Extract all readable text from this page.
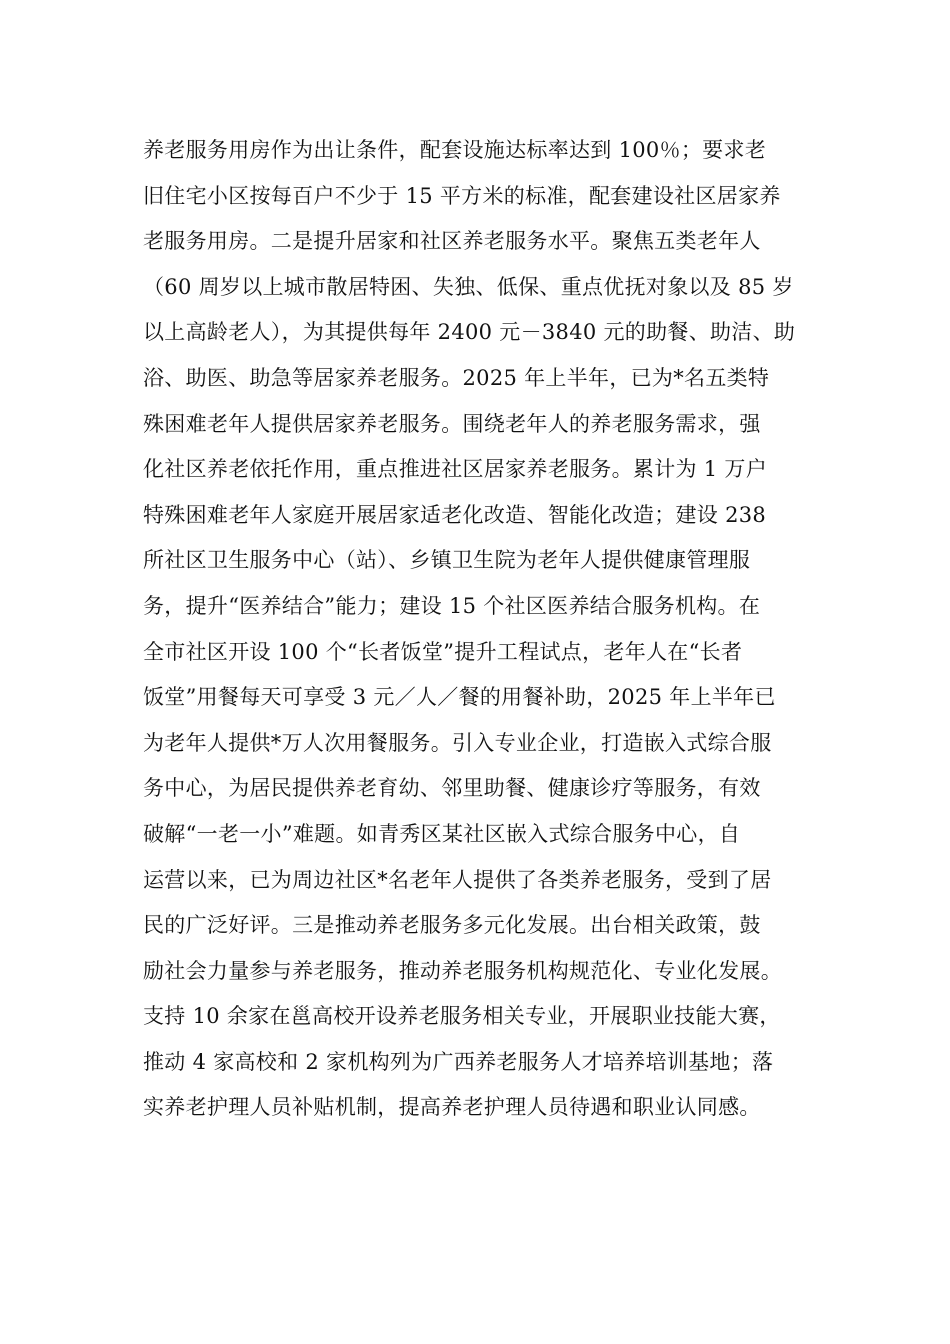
养老服务用房作为出让条件，配套设施达标率达到 100％；要求老
旧住宅小区按每百户不少于 15 平方米的标准，配套建设社区居家养
老服务用房。二是提升居家和社区养老服务水平。聚焦五类老年人
（60 周岁以上城市散居特困、失独、低保、重点优抚对象以及 85 岁
以上高龄老人），为其提供每年 2400 元－3840 元的助餐、助洁、助
浴、助医、助急等居家养老服务。2025 年上半年，已为*名五类特
殊困难老年人提供居家养老服务。围绕老年人的养老服务需求，强
化社区养老依托作用，重点推进社区居家养老服务。累计为 1 万户
特殊困难老年人家庭开展居家适老化改造、智能化改造；建设 238
所社区卫生服务中心（站）、乡镇卫生院为老年人提供健康管理服
务，提升“医养结合”能力；建设 15 个社区医养结合服务机构。在
全市社区开设 100 个“长者饭堂”提升工程试点，老年人在“长者
饭堂”用餐每天可享受 3 元／人／餐的用餐补助，2025 年上半年已
为老年人提供*万人次用餐服务。引入专业企业，打造嵌入式综合服
务中心，为居民提供养老育幼、邻里助餐、健康诊疗等服务，有效
破解“一老一小”难题。如青秀区某社区嵌入式综合服务中心，自
运营以来，已为周边社区*名老年人提供了各类养老服务，受到了居
民的广泛好评。三是推动养老服务多元化发展。出台相关政策，鼓
励社会力量参与养老服务，推动养老服务机构规范化、专业化发展。
支持 10 余家在邕高校开设养老服务相关专业，开展职业技能大赛，
推动 4 家高校和 2 家机构列为广西养老服务人才培养培训基地；落
实养老护理人员补贴机制，提高养老护理人员待遇和职业认同感。
